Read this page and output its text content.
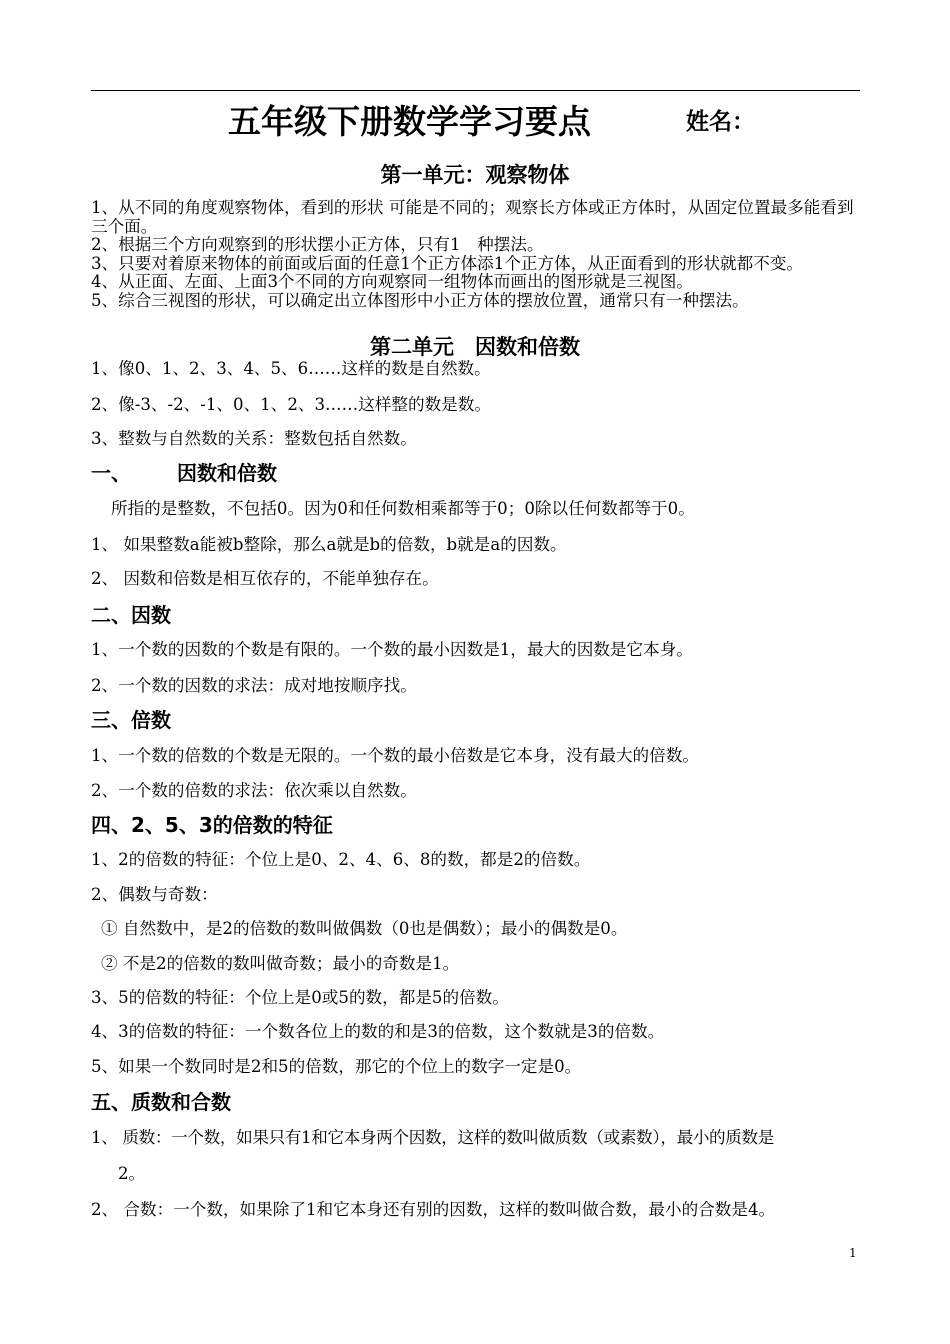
五年级下册数学学习要点	姓名：
第一单元：观察物体

1、从不同的角度观察物体，看到的形状 可能是不同的；观察长方体或正方体时，从固定位置最多能看到三个面。

2、根据三个方向观察到的形状摆小正方体，只有1　种摆法。

3、只要对着原来物体的前面或后面的任意1个正方体添1个正方体，从正面看到的形状就都不变。

4、从正面、左面、上面3个不同的方向观察同一组物体而画出的图形就是三视图。

5、综合三视图的形状，可以确定出立体图形中小正方体的摆放位置，通常只有一种摆法。

第二单元　因数和倍数
1、像0、1、2、3、4、5、6……这样的数是自然数。
2、像-3、-2、-1、0、1、2、3……这样整的数是数。
3、整数与自然数的关系：整数包括自然数。
一、 因数和倍数
所指的是整数，不包括0。因为0和任何数相乘都等于0；0除以任何数都等于0。
1、 如果整数a能被b整除，那么a就是b的倍数，b就是a的因数。
2、 因数和倍数是相互依存的，不能单独存在。
二、因数
1、一个数的因数的个数是有限的。一个数的最小因数是1，最大的因数是它本身。
2、一个数的因数的求法：成对地按顺序找。
三、倍数
1、一个数的倍数的个数是无限的。一个数的最小倍数是它本身，没有最大的倍数。
2、一个数的倍数的求法：依次乘以自然数。
四、2、5、3的倍数的特征
1、2的倍数的特征：个位上是0、2、4、6、8的数，都是2的倍数。
2、偶数与奇数：
① 自然数中，是2的倍数的数叫做偶数（0也是偶数）；最小的偶数是0。
② 不是2的倍数的数叫做奇数；最小的奇数是1。
3、5的倍数的特征：个位上是0或5的数，都是5的倍数。
4、3的倍数的特征：一个数各位上的数的和是3的倍数，这个数就是3的倍数。
5、如果一个数同时是2和5的倍数，那它的个位上的数字一定是0。
五、质数和合数
1、 质数：一个数，如果只有1和它本身两个因数，这样的数叫做质数（或素数），最小的质数是
2。
2、 合数：一个数，如果除了1和它本身还有别的因数，这样的数叫做合数，最小的合数是4。
1
